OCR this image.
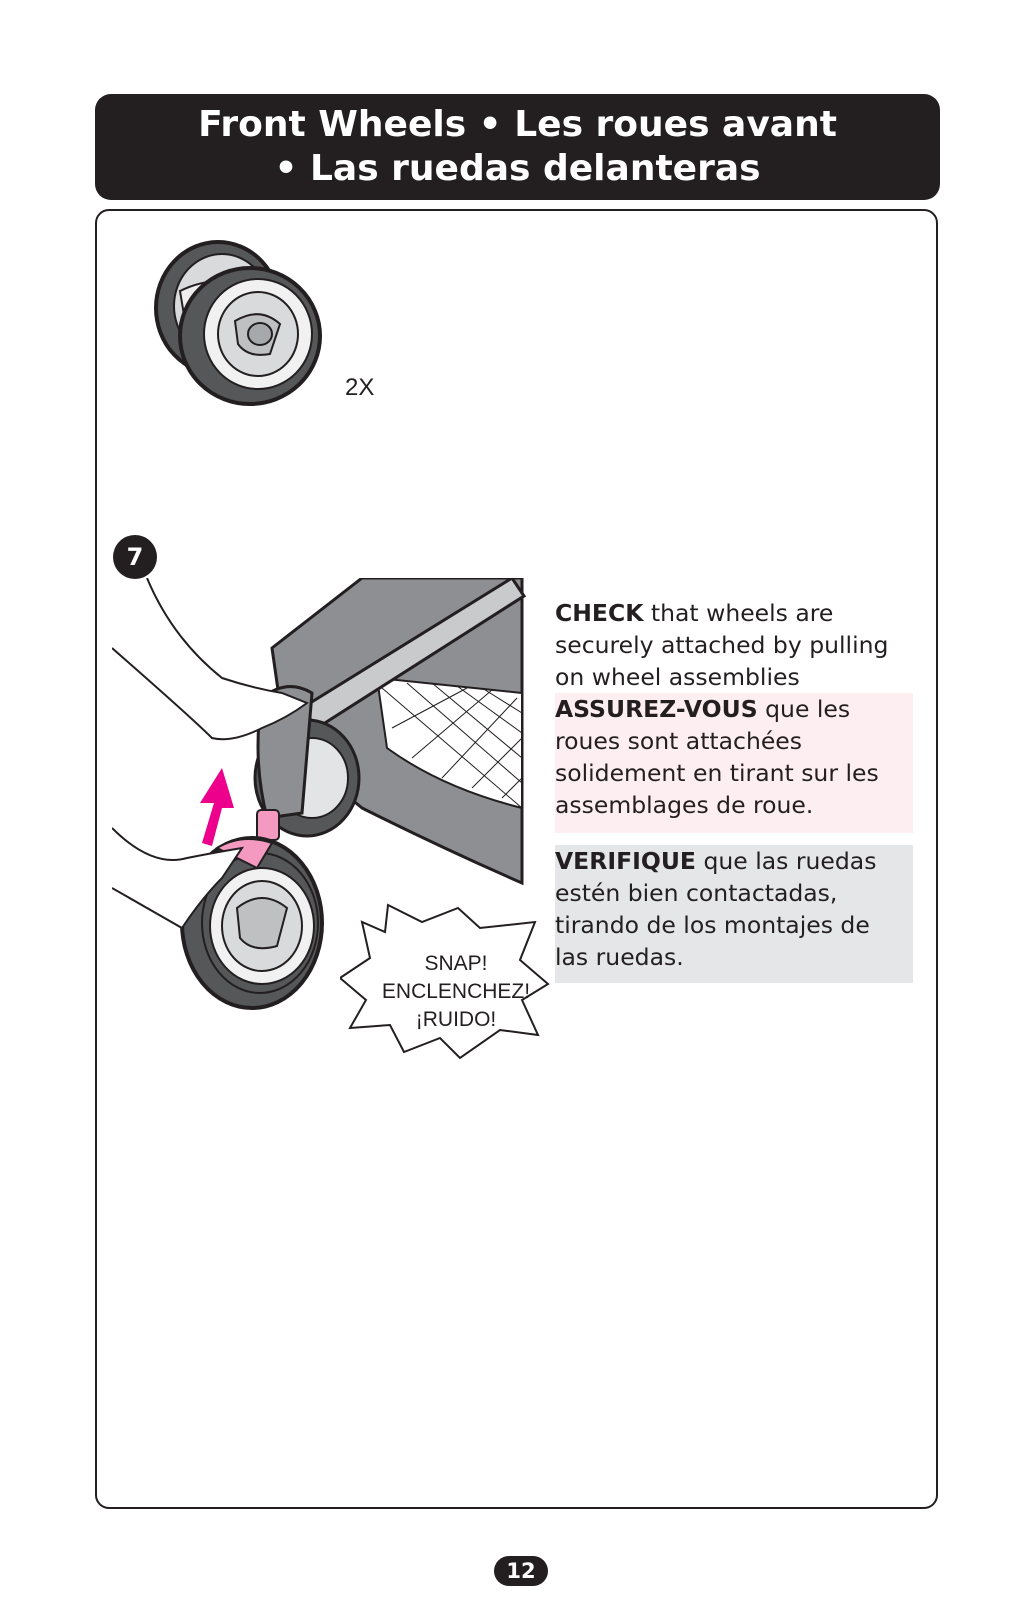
Front Wheels • Les roues avant
• Las ruedas delanteras
2X
7
SNAP!
ENCLENCHEZ!
¡RUIDO!

CHECK that wheels are securely attached by pulling on wheel assemblies

ASSUREZ-VOUS que les roues sont attachées solidement en tirant sur les assemblages de roue.

VERIFIQUE que las ruedas estén bien contactadas, tirando de los montajes de las ruedas.

12
